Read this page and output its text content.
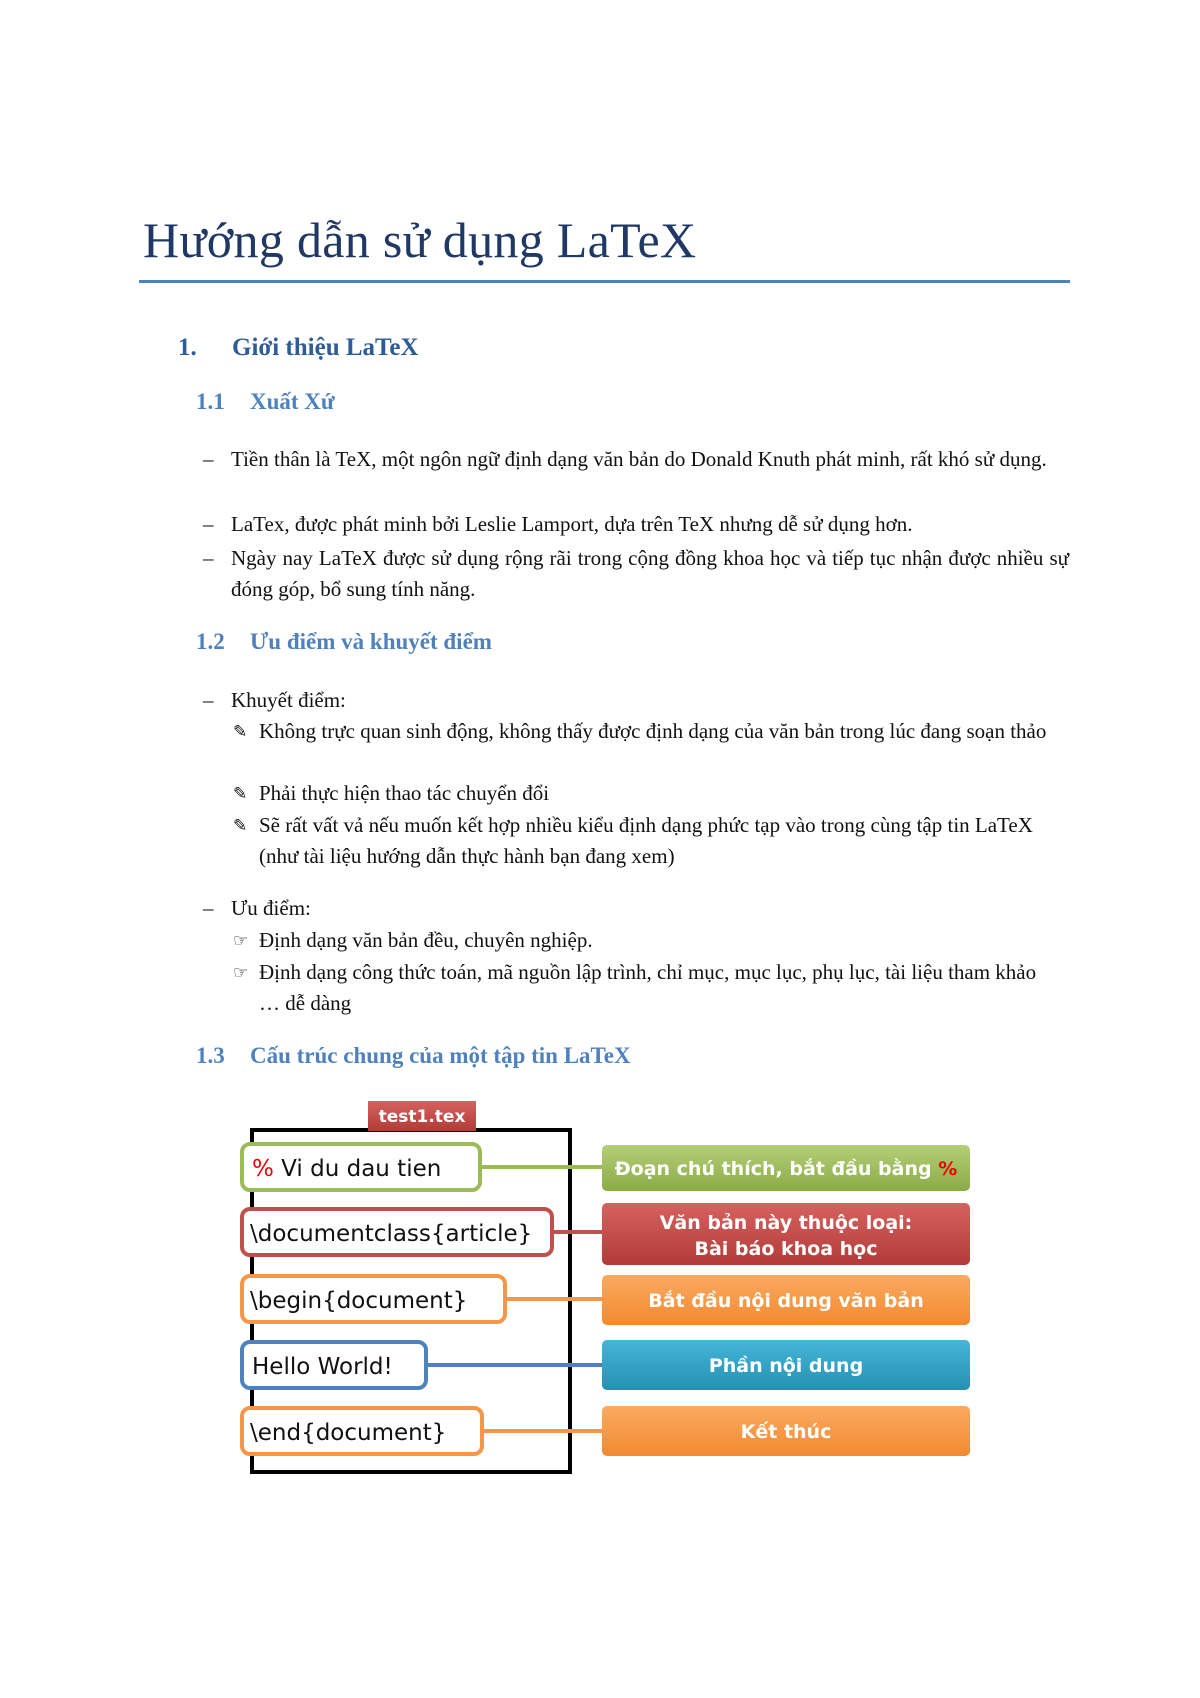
Hướng dẫn sử dụng LaTeX
1. Giới thiệu LaTeX
1.1 Xuất Xứ
– Tiền thân là TeX, một ngôn ngữ định dạng văn bản do Donald Knuth phát minh, rất khó sử dụng.
– LaTex, được phát minh bởi Leslie Lamport, dựa trên TeX nhưng dễ sử dụng hơn.
– Ngày nay LaTeX được sử dụng rộng rãi trong cộng đồng khoa học và tiếp tục nhận được nhiều sự đóng góp, bổ sung tính năng.
1.2 Ưu điểm và khuyết điểm
– Khuyết điểm:
✎ Không trực quan sinh động, không thấy được định dạng của văn bản trong lúc đang soạn thảo
✎ Phải thực hiện thao tác chuyển đổi
✎ Sẽ rất vất vả nếu muốn kết hợp nhiều kiểu định dạng phức tạp vào trong cùng tập tin LaTeX (như tài liệu hướng dẫn thực hành bạn đang xem)
– Ưu điểm:
☞ Định dạng văn bản đều, chuyên nghiệp.
☞ Định dạng công thức toán, mã nguồn lập trình, chỉ mục, mục lục, phụ lục, tài liệu tham khảo … dễ dàng
1.3 Cấu trúc chung của một tập tin LaTeX
test1.tex
% Vi du dau tien
\documentclass{article}
\begin{document}
Hello World!
\end{document}
Đoạn chú thích, bắt đầu bằng %
Văn bản này thuộc loại:
Bài báo khoa học
Bắt đầu nội dung văn bản
Phần nội dung
Kết thúc
